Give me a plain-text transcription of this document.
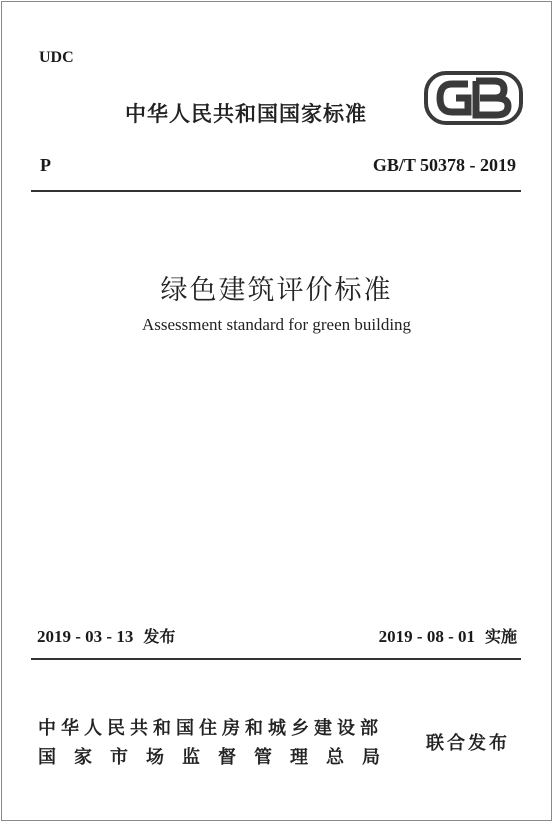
UDC
中华人民共和国国家标准
GB
P	GB/T 50378 - 2019
绿色建筑评价标准
Assessment standard for green building
2019 - 03 - 13 发布	2019 - 08 - 01 实施
中华人民共和国住房和城乡建设部
国家市场监督管理总局
联合发布
